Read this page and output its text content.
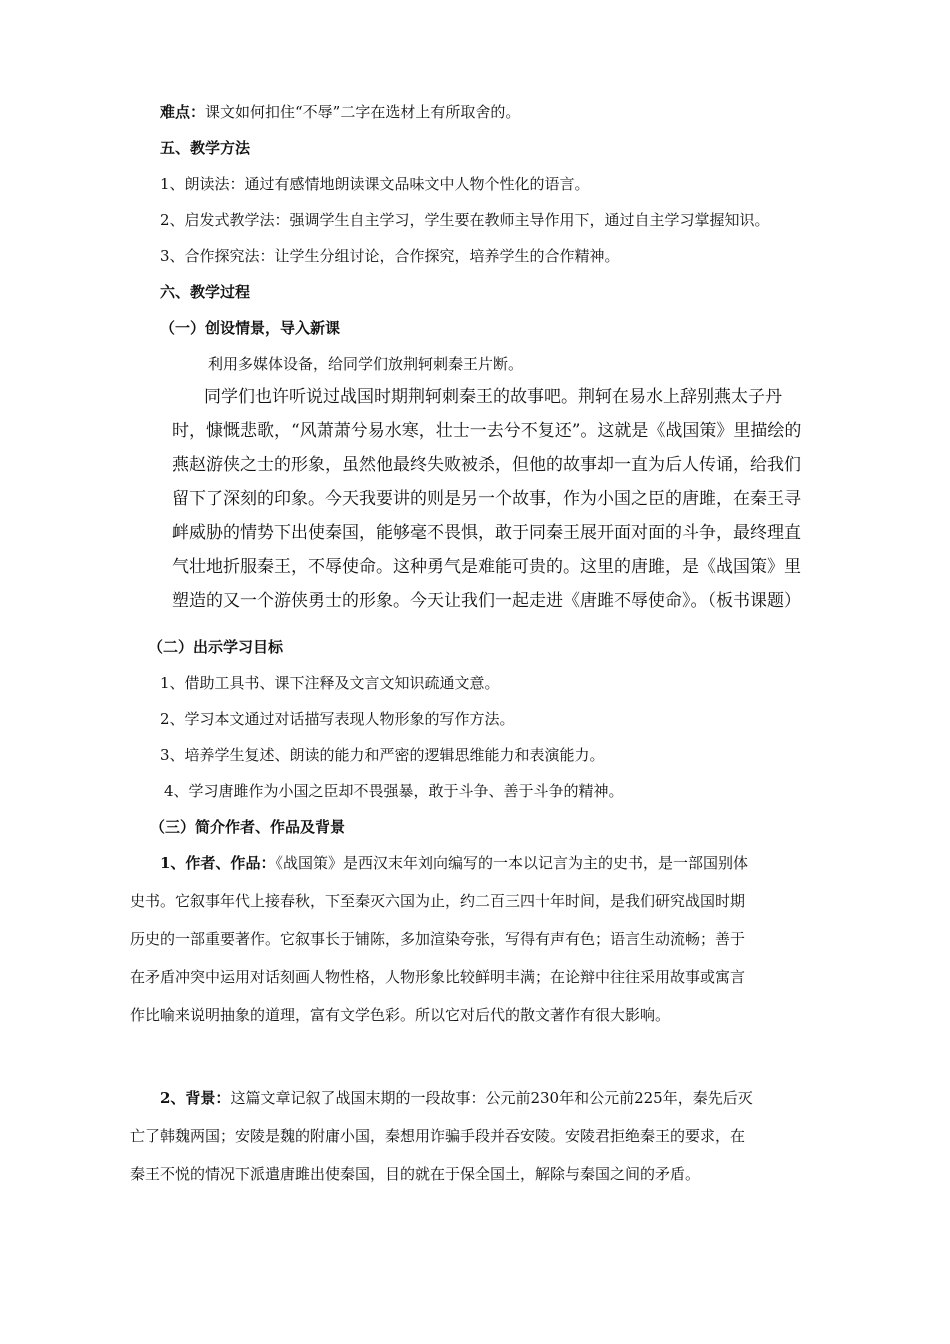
难点：课文如何扣住“不辱”二字在选材上有所取舍的。
五、教学方法
1、朗读法：通过有感情地朗读课文品味文中人物个性化的语言。
2、启发式教学法：强调学生自主学习，学生要在教师主导作用下，通过自主学习掌握知识。
3、合作探究法：让学生分组讨论，合作探究，培养学生的合作精神。
六、教学过程
（一）创设情景，导入新课
利用多媒体设备，给同学们放荆轲刺秦王片断。
同学们也许听说过战国时期荆轲刺秦王的故事吧。荆轲在易水上辞别燕太子丹
时，慷慨悲歌，“风萧萧兮易水寒，壮士一去兮不复还”。这就是《战国策》里描绘的
燕赵游侠之士的形象，虽然他最终失败被杀，但他的故事却一直为后人传诵，给我们
留下了深刻的印象。今天我要讲的则是另一个故事，作为小国之臣的唐雎，在秦王寻
衅威胁的情势下出使秦国，能够毫不畏惧，敢于同秦王展开面对面的斗争，最终理直
气壮地折服秦王，不辱使命。这种勇气是难能可贵的。这里的唐雎，是《战国策》里
塑造的又一个游侠勇士的形象。今天让我们一起走进《唐雎不辱使命》。（板书课题）
（二）出示学习目标
1、借助工具书、课下注释及文言文知识疏通文意。
2、学习本文通过对话描写表现人物形象的写作方法。
3、培养学生复述、朗读的能力和严密的逻辑思维能力和表演能力。
4、学习唐雎作为小国之臣却不畏强暴，敢于斗争、善于斗争的精神。
（三）简介作者、作品及背景
1、作者、作品：《战国策》是西汉末年刘向编写的一本以记言为主的史书，是一部国别体
史书。它叙事年代上接春秋，下至秦灭六国为止，约二百三四十年时间，是我们研究战国时期
历史的一部重要著作。它叙事长于铺陈，多加渲染夸张，写得有声有色；语言生动流畅；善于
在矛盾冲突中运用对话刻画人物性格，人物形象比较鲜明丰满；在论辩中往往采用故事或寓言
作比喻来说明抽象的道理，富有文学色彩。所以它对后代的散文著作有很大影响。
2、背景：这篇文章记叙了战国末期的一段故事：公元前230年和公元前225年，秦先后灭
亡了韩魏两国；安陵是魏的附庸小国，秦想用诈骗手段并吞安陵。安陵君拒绝秦王的要求，在
秦王不悦的情况下派遣唐雎出使秦国，目的就在于保全国土，解除与秦国之间的矛盾。
